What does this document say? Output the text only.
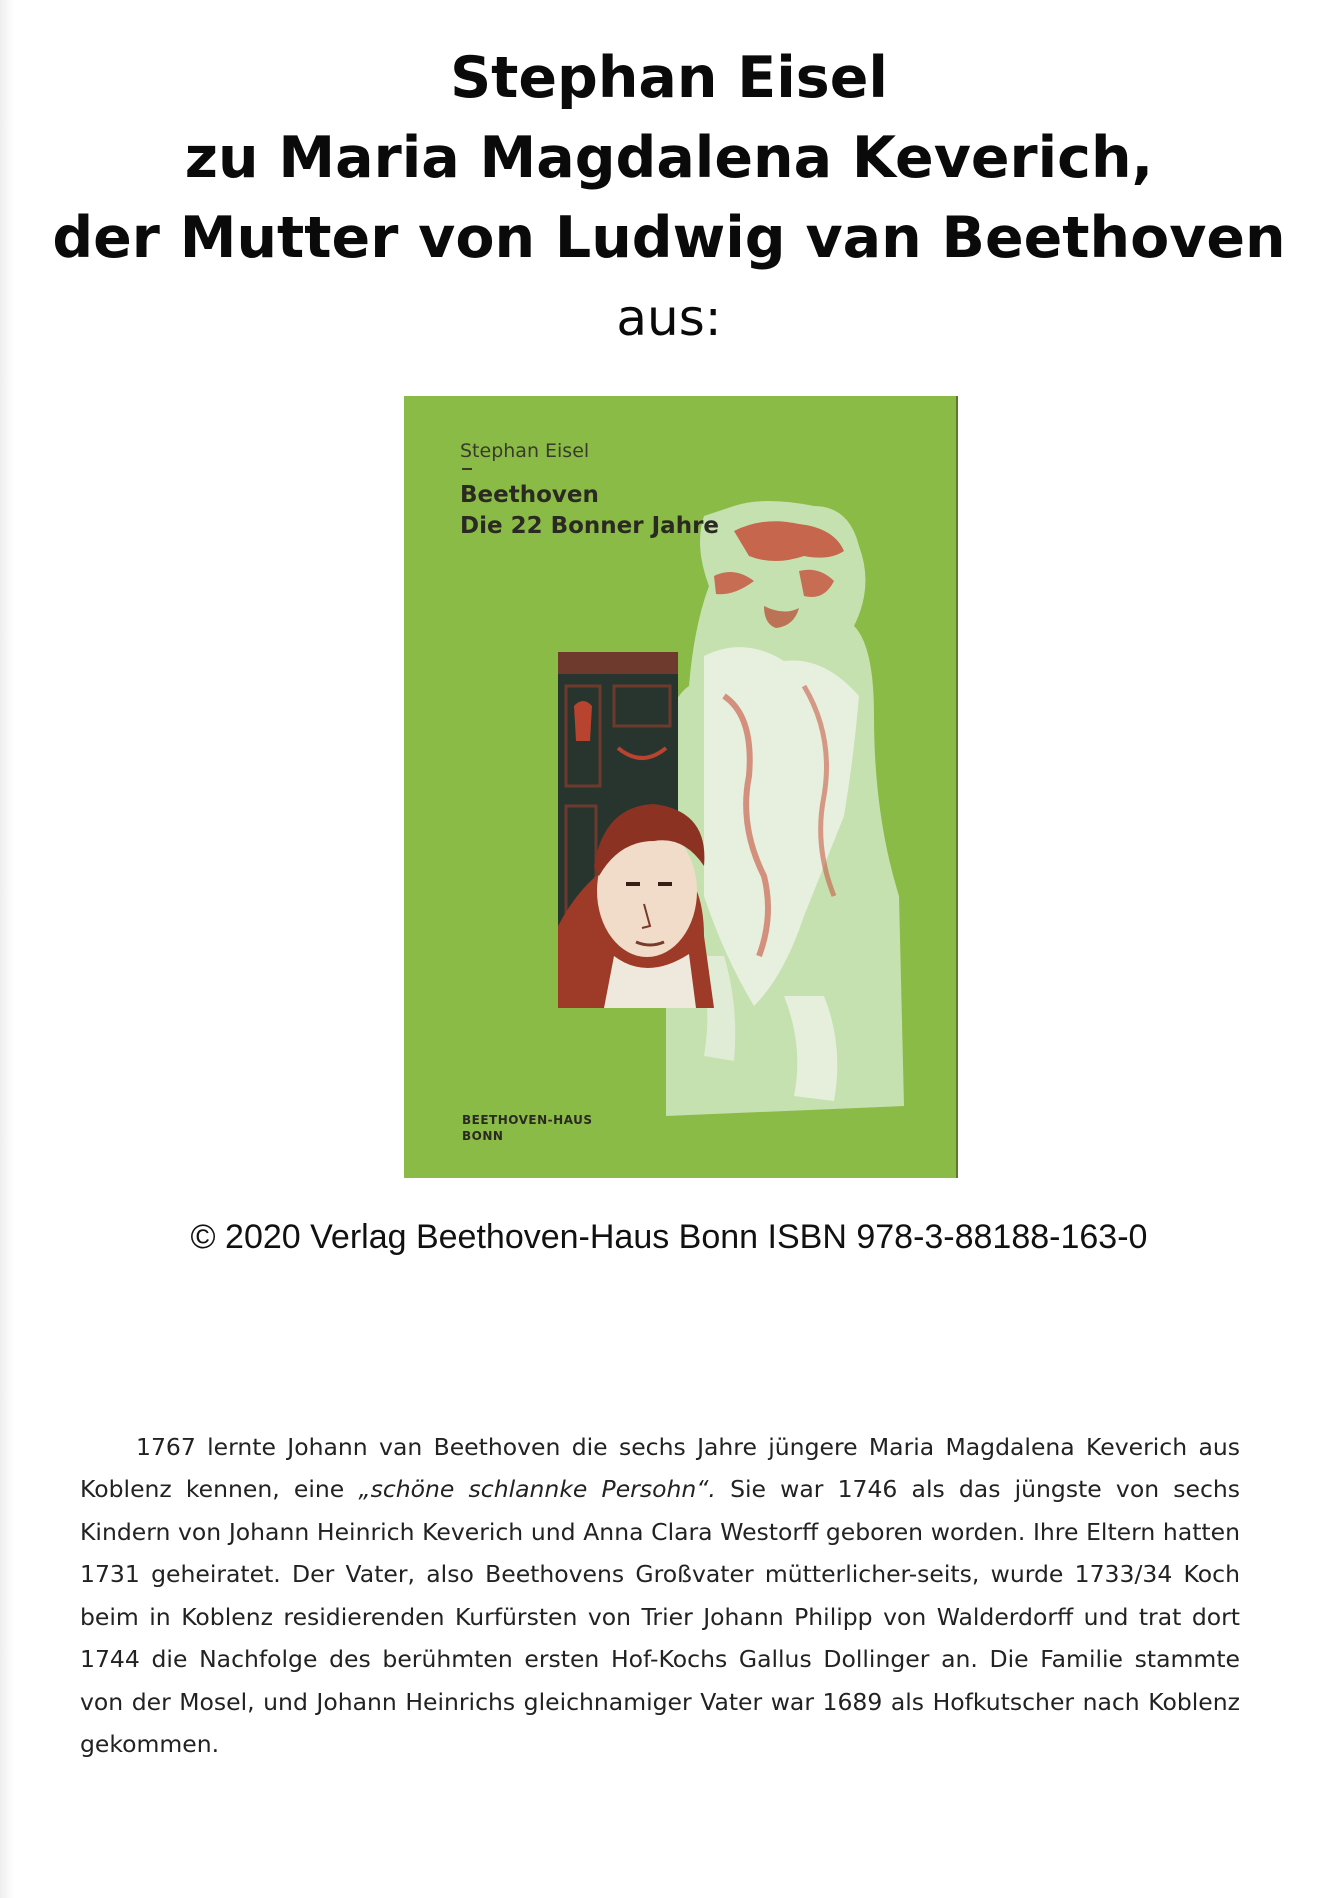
Stephan Eisel
zu Maria Magdalena Keverich,
der Mutter von Ludwig van Beethoven
aus:
Stephan Eisel
Beethoven
Die 22 Bonner Jahre
BEETHOVEN-HAUS
BONN
© 2020 Verlag Beethoven-Haus Bonn ISBN 978-3-88188-163-0

1767 lernte Johann van Beethoven die sechs Jahre jüngere Maria Magdalena Keverich aus Koblenz kennen, eine „schöne schlannke Persohn“. Sie war 1746 als das jüngste von sechs Kindern von Johann Heinrich Keverich und Anna Clara Westorff geboren worden. Ihre Eltern hatten 1731 geheiratet. Der Vater, also Beethovens Großvater mütterlicher-seits, wurde 1733/34 Koch beim in Koblenz residierenden Kurfürsten von Trier Johann Philipp von Walderdorff und trat dort 1744 die Nachfolge des berühmten ersten Hof-Kochs Gallus Dollinger an. Die Familie stammte von der Mosel, und Johann Heinrichs gleichnamiger Vater war 1689 als Hofkutscher nach Koblenz gekommen.
